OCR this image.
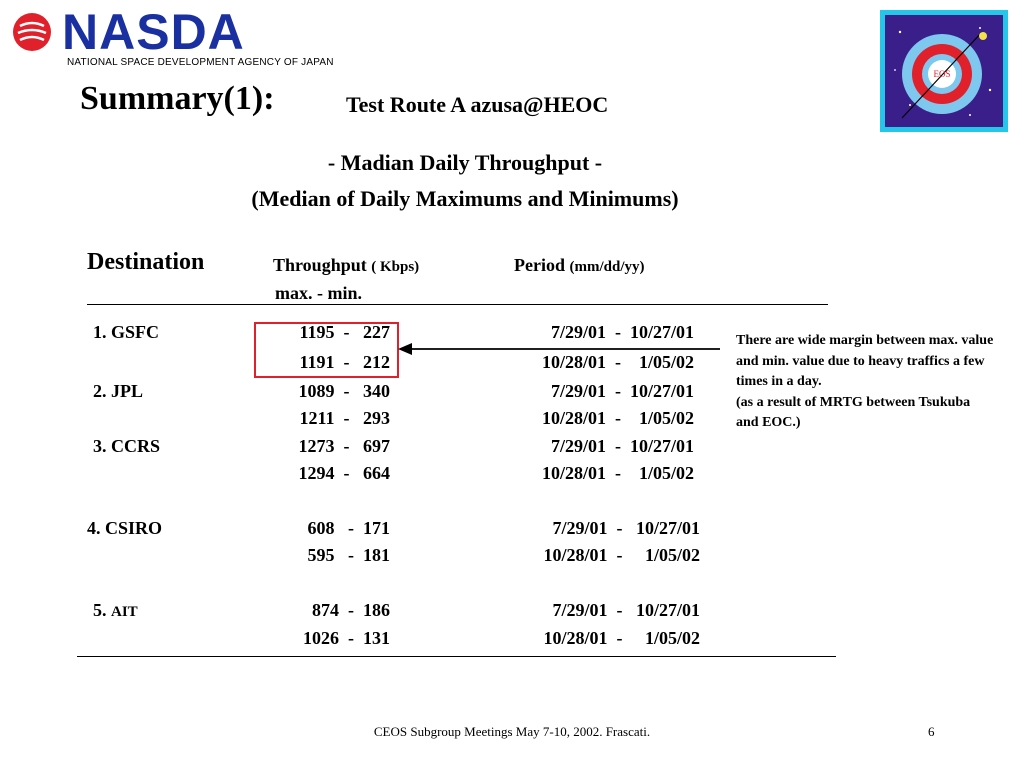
NASDA
NATIONAL SPACE DEVELOPMENT AGENCY OF JAPAN
EOS
Summary(1):	Test Route A azusa@HEOC
- Madian Daily Throughput -
(Median of Daily Maximums and Minimums)
Destination	Throughput ( Kbps)	Period (mm/dd/yy)
max. - min.
1. GSFC	1195  -   227	7/29/01  -  10/27/01
1191  -   212	10/28/01  -    1/05/02
2. JPL	1089  -   340	7/29/01  -  10/27/01
1211  -   293	10/28/01  -    1/05/02
3. CCRS	1273  -   697	7/29/01  -  10/27/01
1294  -   664	10/28/01  -    1/05/02
4. CSIRO	608   -  171	7/29/01  -   10/27/01
595   -  181	10/28/01  -     1/05/02
5. AIT	874  -  186	7/29/01  -   10/27/01
1026  -  131	10/28/01  -     1/05/02
There are wide margin between max. value and min. value due to heavy traffics a few times in a day.
(as a result of MRTG between Tsukuba and EOC.)
CEOS Subgroup Meetings May 7-10, 2002. Frascati.	6
